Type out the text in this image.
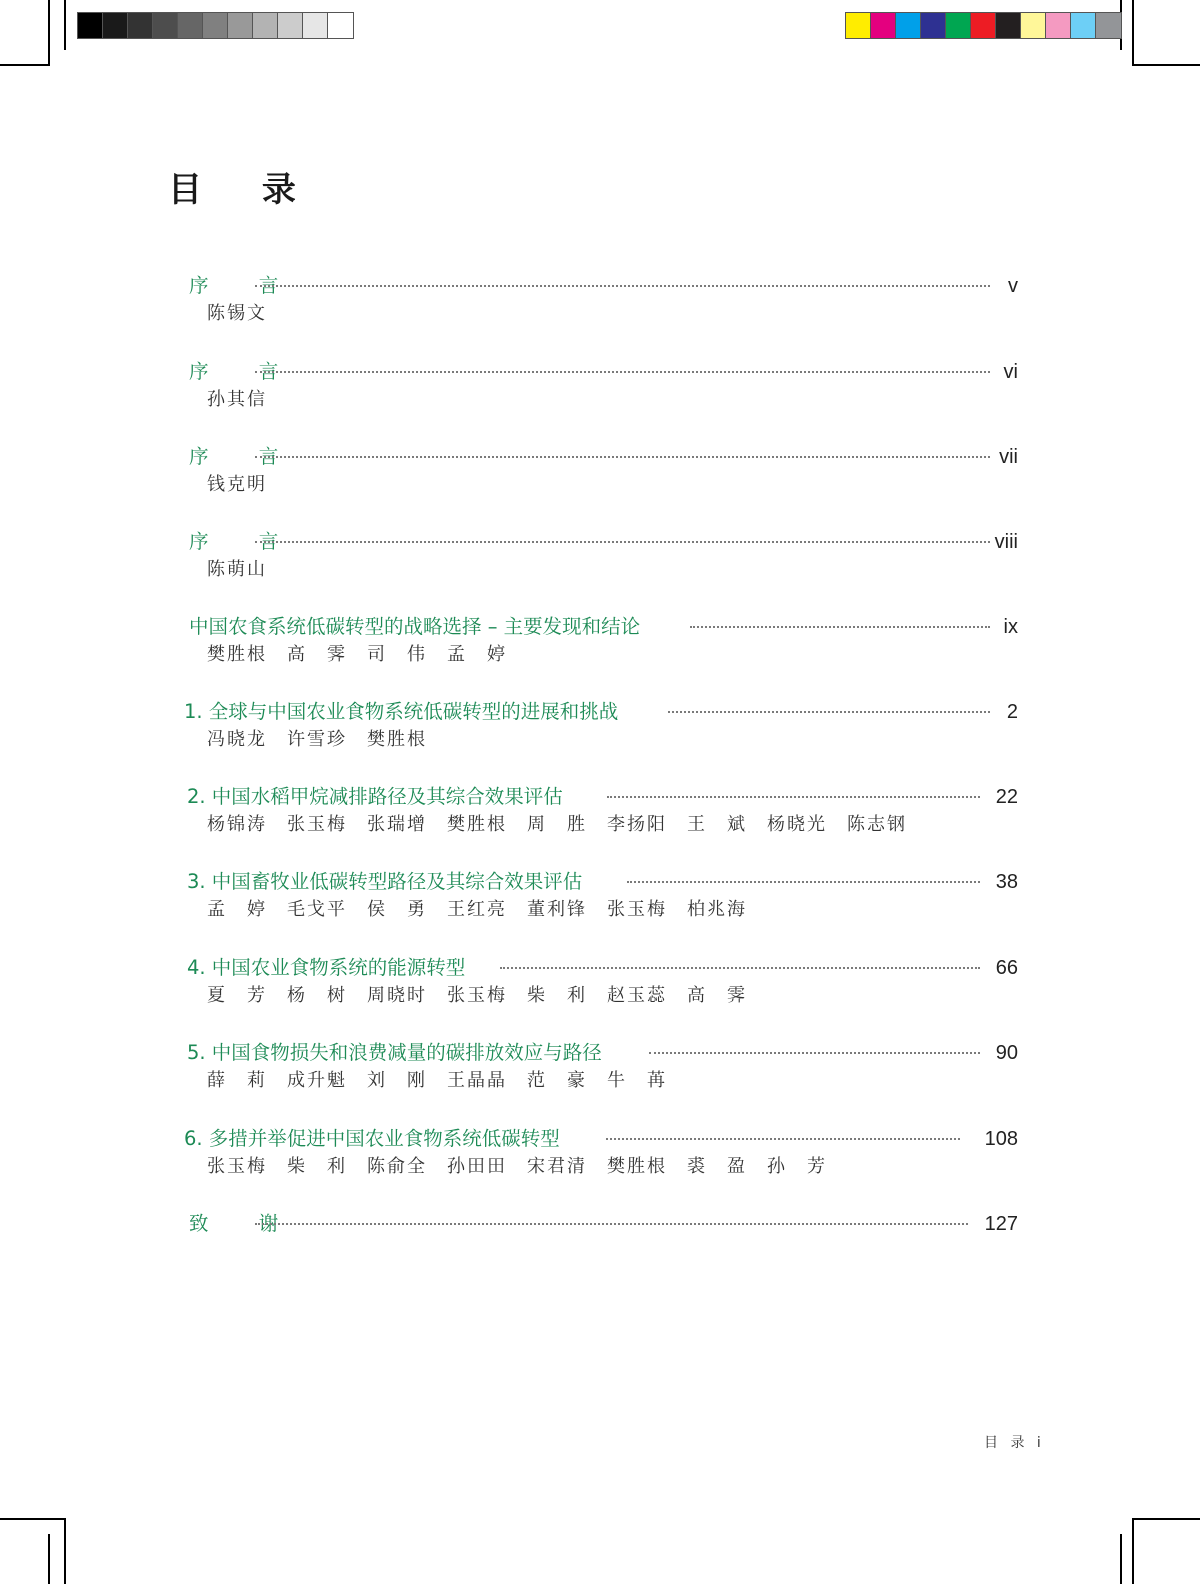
目 录
序 言	v
陈锡文
序 言	vi
孙其信
序 言	vii
钱克明
序 言	viii
陈萌山
中国农食系统低碳转型的战略选择 – 主要发现和结论	ix
樊胜根　高　霁　司　伟　孟　婷
1. 全球与中国农业食物系统低碳转型的进展和挑战	2
冯晓龙　许雪珍　樊胜根
2. 中国水稻甲烷减排路径及其综合效果评估	22
杨锦涛　张玉梅　张瑞增　樊胜根　周　胜　李扬阳　王　斌　杨晓光　陈志钢
3. 中国畜牧业低碳转型路径及其综合效果评估	38
孟　婷　毛戈平　侯　勇　王红亮　董利锋　张玉梅　柏兆海
4. 中国农业食物系统的能源转型	66
夏　芳　杨　树　周晓时　张玉梅　柴　利　赵玉蕊　高　霁
5. 中国食物损失和浪费减量的碳排放效应与路径	90
薛　莉　成升魁　刘　刚　王晶晶　范　豪　牛　苒
6. 多措并举促进中国农业食物系统低碳转型	108
张玉梅　柴　利　陈俞全　孙田田　宋君清　樊胜根　裘　盈　孙　芳
致 谢	127
目 录 i
